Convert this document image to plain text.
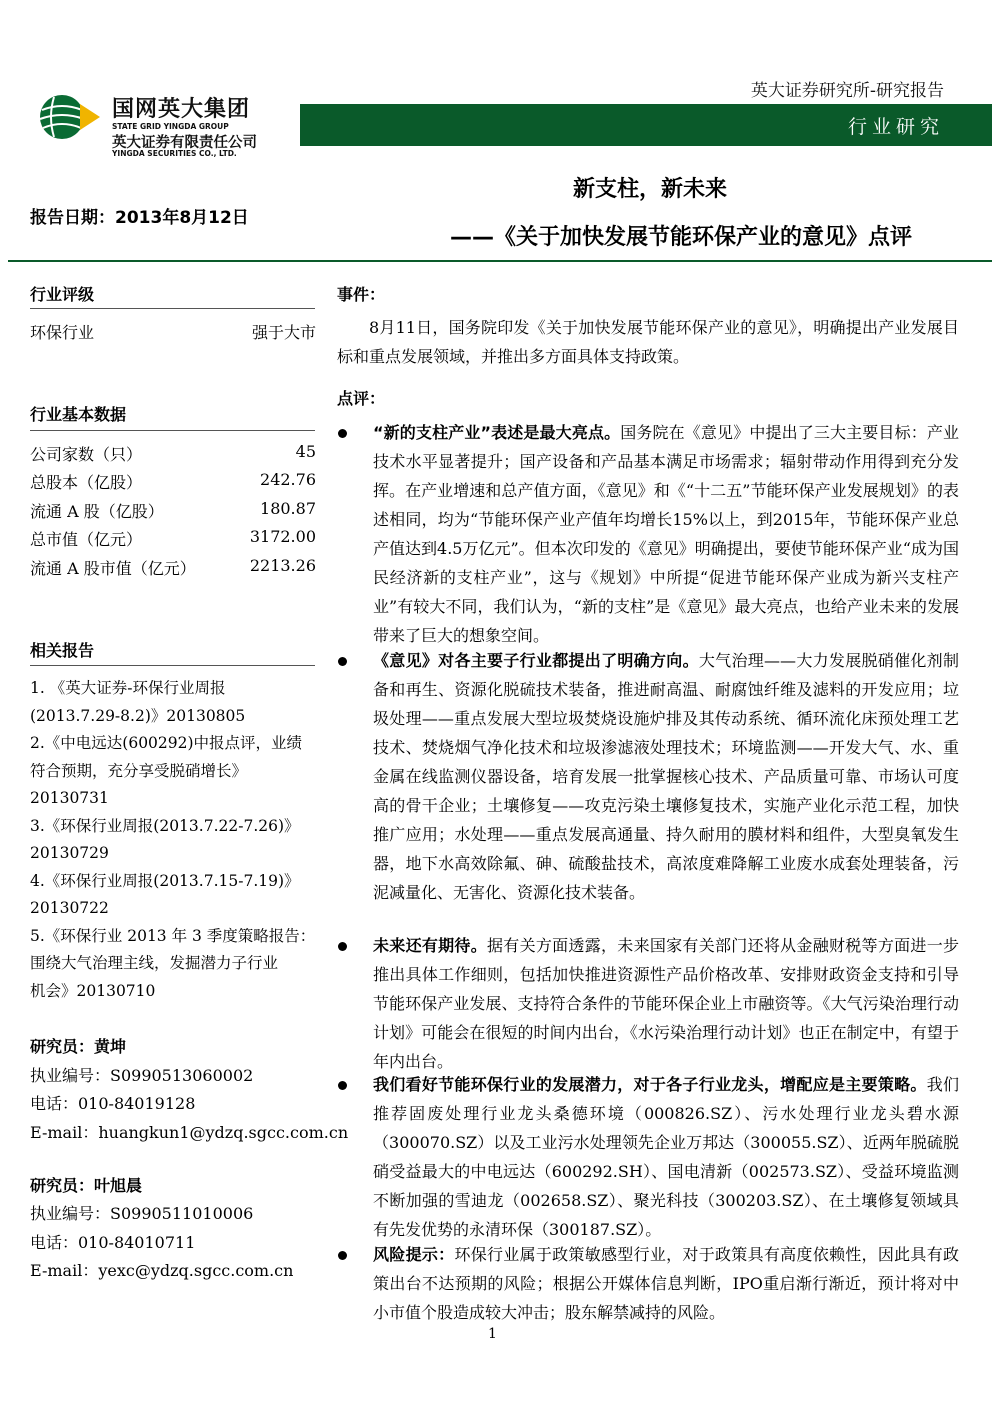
国网英大集团
STATE GRID YINGDA GROUP
英大证券有限责任公司
YINGDA SECURITIES CO., LTD.
英大证券研究所-研究报告
行业研究
新支柱，新未来
报告日期：2013年8月12日
——《关于加快发展节能环保产业的意见》点评
行业评级
环保行业	强于大市
行业基本数据
公司家数（只）	45
总股本（亿股）	242.76
流通 A 股（亿股）	180.87
总市值（亿元）	3172.00
流通 A 股市值（亿元）	2213.26
相关报告
1. 《英大证券-环保行业周报
(2013.7.29-8.2)》20130805
2.《中电远达(600292)中报点评，业绩
符合预期，充分享受脱硝增长》
20130731
3.《环保行业周报(2013.7.22-7.26)》
20130729
4.《环保行业周报(2013.7.15-7.19)》
20130722
5.《环保行业 2013 年 3 季度策略报告：
围绕大气治理主线，发掘潜力子行业
机会》20130710
研究员：黄坤
执业编号：S0990513060002
电话：010-84019128
E-mail：huangkun1@ydzq.sgcc.com.cn
研究员：叶旭晨
执业编号：S0990511010006
电话：010-84010711
E-mail：yexc@ydzq.sgcc.com.cn
事件：
8月11日，国务院印发《关于加快发展节能环保产业的意见》，明确提出产业发展目标和重点发展领域，并推出多方面具体支持政策。
点评：
“新的支柱产业”表述是最大亮点。国务院在《意见》中提出了三大主要目标：产业技术水平显著提升；国产设备和产品基本满足市场需求；辐射带动作用得到充分发挥。在产业增速和总产值方面，《意见》和《“十二五”节能环保产业发展规划》的表述相同，均为“节能环保产业产值年均增长15%以上，到2015年，节能环保产业总产值达到4.5万亿元”。但本次印发的《意见》明确提出，要使节能环保产业“成为国民经济新的支柱产业”，这与《规划》中所提“促进节能环保产业成为新兴支柱产业”有较大不同，我们认为，“新的支柱”是《意见》最大亮点，也给产业未来的发展带来了巨大的想象空间。
《意见》对各主要子行业都提出了明确方向。大气治理——大力发展脱硝催化剂制备和再生、资源化脱硫技术装备，推进耐高温、耐腐蚀纤维及滤料的开发应用；垃圾处理——重点发展大型垃圾焚烧设施炉排及其传动系统、循环流化床预处理工艺技术、焚烧烟气净化技术和垃圾渗滤液处理技术；环境监测——开发大气、水、重金属在线监测仪器设备，培育发展一批掌握核心技术、产品质量可靠、市场认可度高的骨干企业；土壤修复——攻克污染土壤修复技术，实施产业化示范工程，加快推广应用；水处理——重点发展高通量、持久耐用的膜材料和组件，大型臭氧发生器，地下水高效除氟、砷、硫酸盐技术，高浓度难降解工业废水成套处理装备，污泥减量化、无害化、资源化技术装备。
未来还有期待。据有关方面透露，未来国家有关部门还将从金融财税等方面进一步推出具体工作细则，包括加快推进资源性产品价格改革、安排财政资金支持和引导节能环保产业发展、支持符合条件的节能环保企业上市融资等。《大气污染治理行动计划》可能会在很短的时间内出台，《水污染治理行动计划》也正在制定中，有望于年内出台。
我们看好节能环保行业的发展潜力，对于各子行业龙头，增配应是主要策略。我们推荐固废处理行业龙头桑德环境（000826.SZ）、污水处理行业龙头碧水源（300070.SZ）以及工业污水处理领先企业万邦达（300055.SZ）、近两年脱硫脱硝受益最大的中电远达（600292.SH）、国电清新（002573.SZ）、受益环境监测不断加强的雪迪龙（002658.SZ）、聚光科技（300203.SZ）、在土壤修复领域具有先发优势的永清环保（300187.SZ）。
风险提示：环保行业属于政策敏感型行业，对于政策具有高度依赖性，因此具有政策出台不达预期的风险；根据公开媒体信息判断，IPO重启渐行渐近，预计将对中小市值个股造成较大冲击；股东解禁减持的风险。
1
